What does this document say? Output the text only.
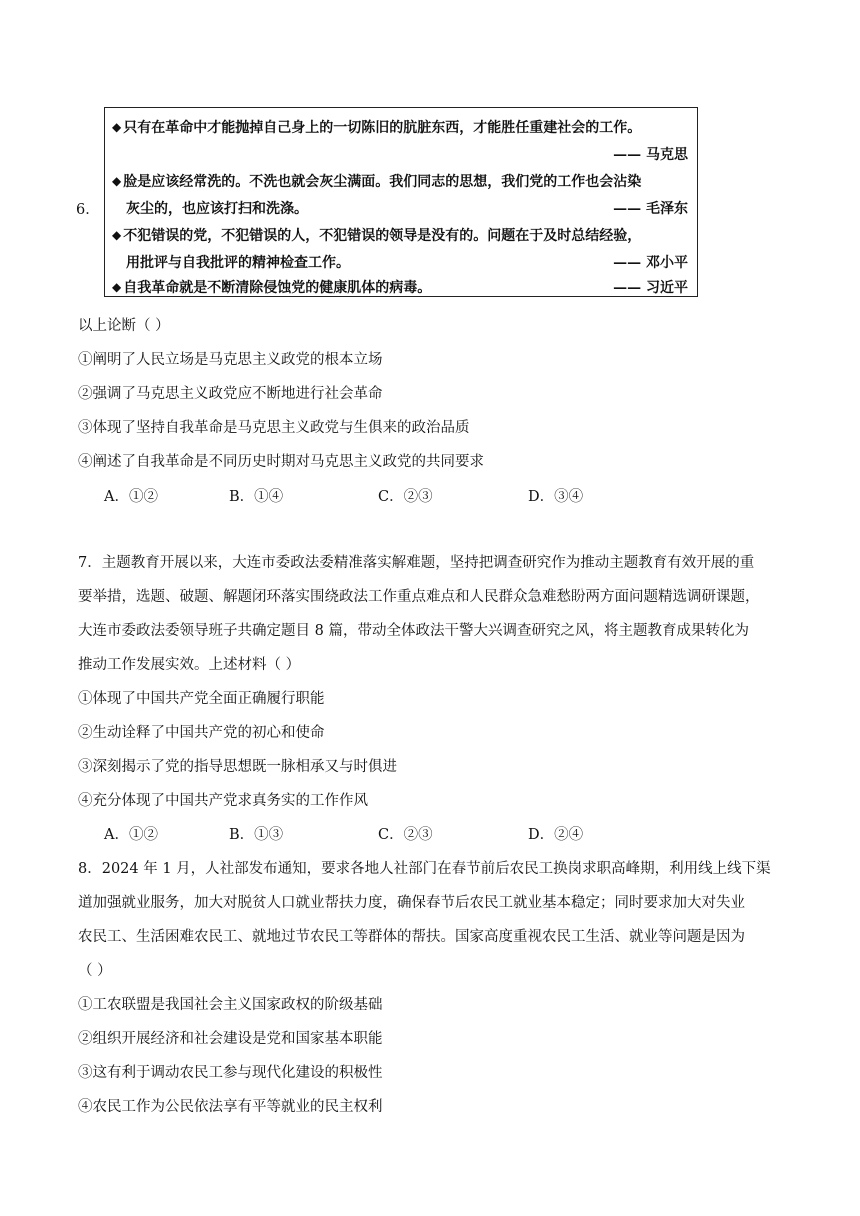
6．
◆ 只有在革命中才能抛掉自己身上的一切陈旧的肮脏东西，才能胜任重建社会的工作。
—— 马克思
◆ 脸是应该经常洗的。不洗也就会灰尘满面。我们同志的思想，我们党的工作也会沾染
灰尘的，也应该打扫和洗涤。	—— 毛泽东
◆ 不犯错误的党，不犯错误的人，不犯错误的领导是没有的。问题在于及时总结经验，
用批评与自我批评的精神检查工作。	—— 邓小平
◆ 自我革命就是不断清除侵蚀党的健康肌体的病毒。	—— 习近平
以上论断（ ）
①阐明了人民立场是马克思主义政党的根本立场
②强调了马克思主义政党应不断地进行社会革命
③体现了坚持自我革命是马克思主义政党与生俱来的政治品质
④阐述了自我革命是不同历史时期对马克思主义政党的共同要求
A．①②	B．①④	C．②③	D．③④
7．主题教育开展以来，大连市委政法委精准落实解难题，坚持把调查研究作为推动主题教育有效开展的重
要举措，选题、破题、解题闭环落实围绕政法工作重点难点和人民群众急难愁盼两方面问题精选调研课题，
大连市委政法委领导班子共确定题目 8 篇，带动全体政法干警大兴调查研究之风，将主题教育成果转化为
推动工作发展实效。上述材料（ ）
①体现了中国共产党全面正确履行职能
②生动诠释了中国共产党的初心和使命
③深刻揭示了党的指导思想既一脉相承又与时俱进
④充分体现了中国共产党求真务实的工作作风
A．①②	B．①③	C．②③	D．②④
8．2024 年 1 月，人社部发布通知，要求各地人社部门在春节前后农民工换岗求职高峰期，利用线上线下渠
道加强就业服务，加大对脱贫人口就业帮扶力度，确保春节后农民工就业基本稳定；同时要求加大对失业
农民工、生活困难农民工、就地过节农民工等群体的帮扶。国家高度重视农民工生活、就业等问题是因为
（ ）
①工农联盟是我国社会主义国家政权的阶级基础
②组织开展经济和社会建设是党和国家基本职能
③这有利于调动农民工参与现代化建设的积极性
④农民工作为公民依法享有平等就业的民主权利
